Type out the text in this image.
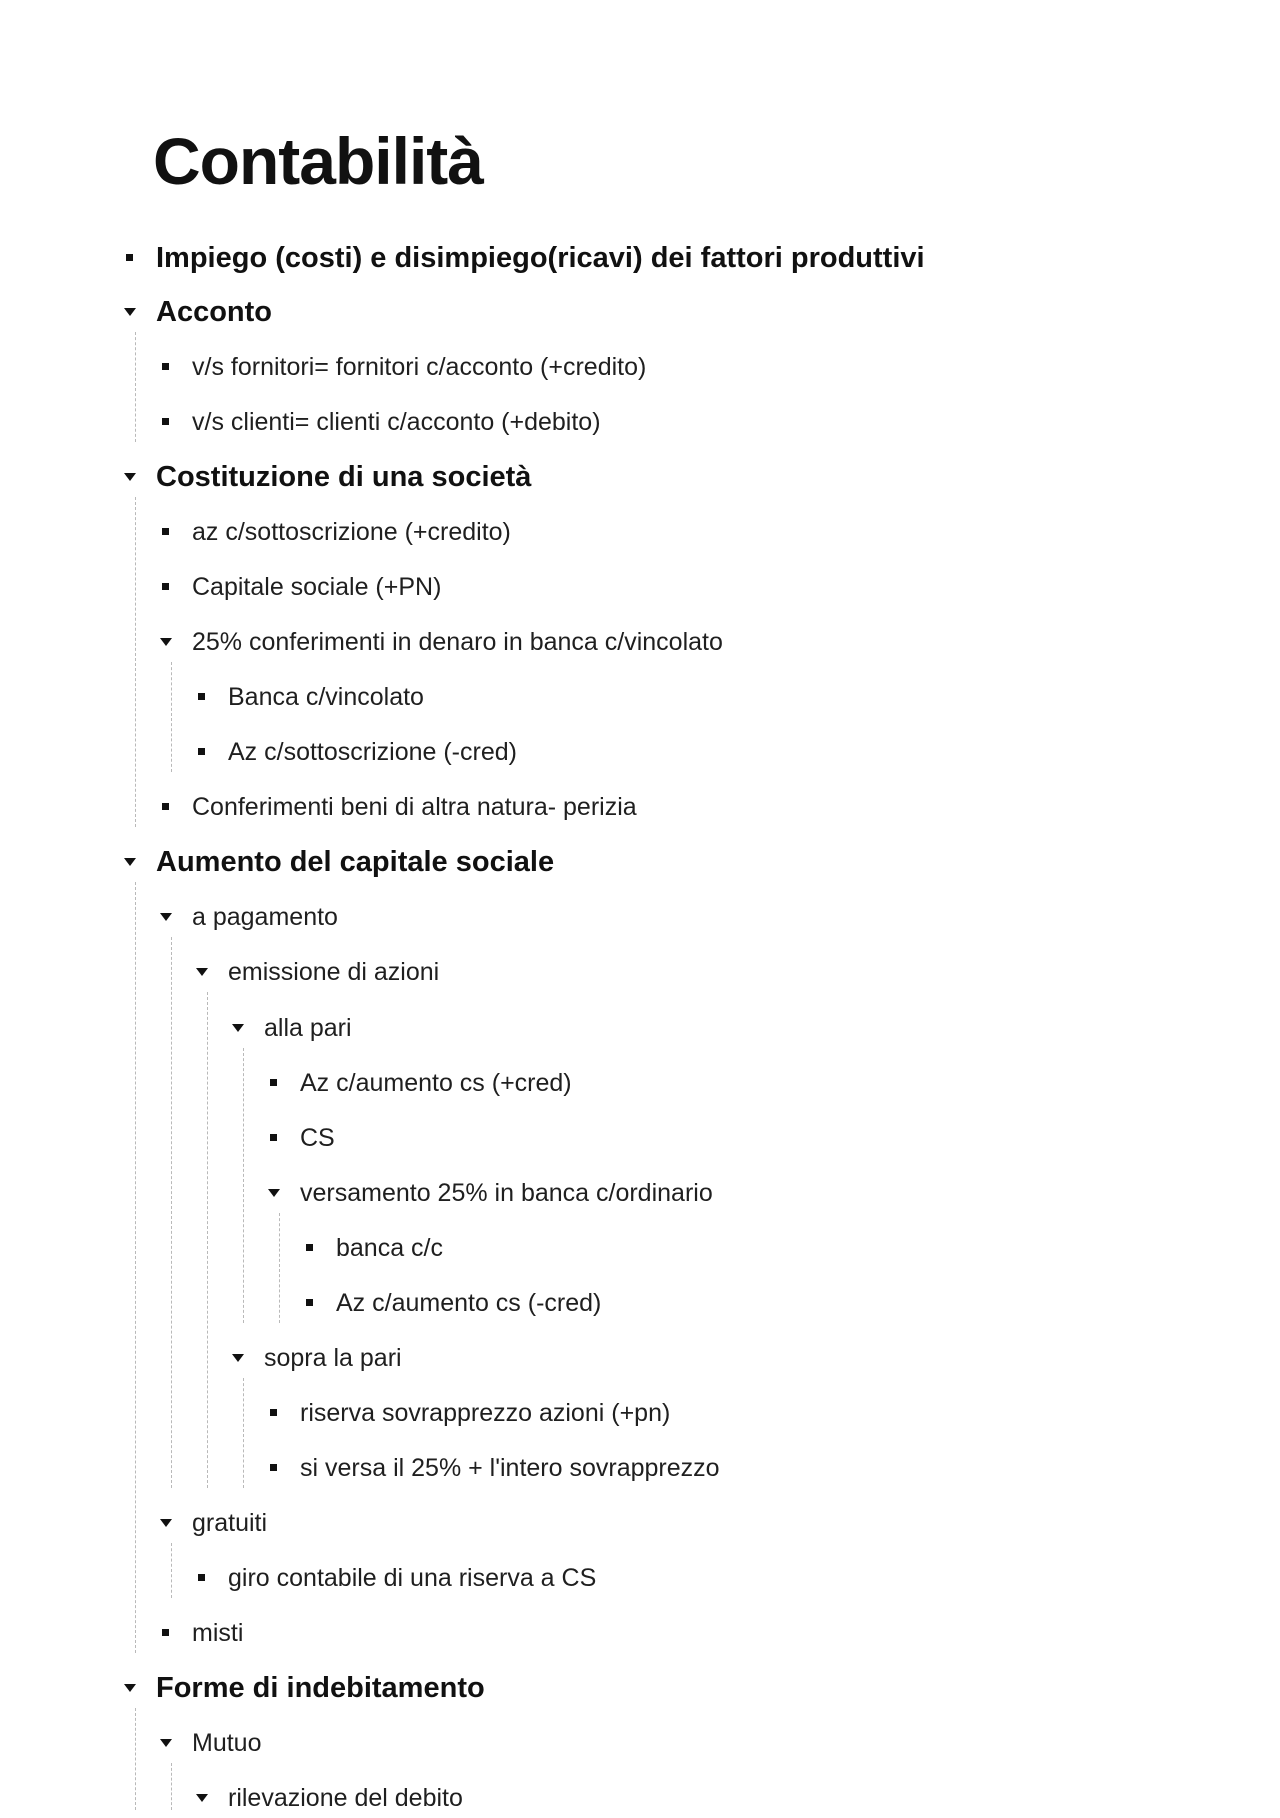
Contabilità
Impiego (costi) e disimpiego(ricavi) dei fattori produttivi
Acconto
v/s fornitori= fornitori c/acconto (+credito)
v/s clienti= clienti c/acconto (+debito)
Costituzione di una società
az c/sottoscrizione (+credito)
Capitale sociale (+PN)
25% conferimenti in denaro in banca c/vincolato
Banca c/vincolato
Az c/sottoscrizione (-cred)
Conferimenti beni di altra natura- perizia
Aumento del capitale sociale
a pagamento
emissione di azioni
alla pari
Az c/aumento cs (+cred)
CS
versamento 25% in banca c/ordinario
banca c/c
Az c/aumento cs (-cred)
sopra la pari
riserva sovrapprezzo azioni (+pn)
si versa il 25% + l'intero sovrapprezzo
gratuiti
giro contabile di una riserva a CS
misti
Forme di indebitamento
Mutuo
rilevazione del debito
